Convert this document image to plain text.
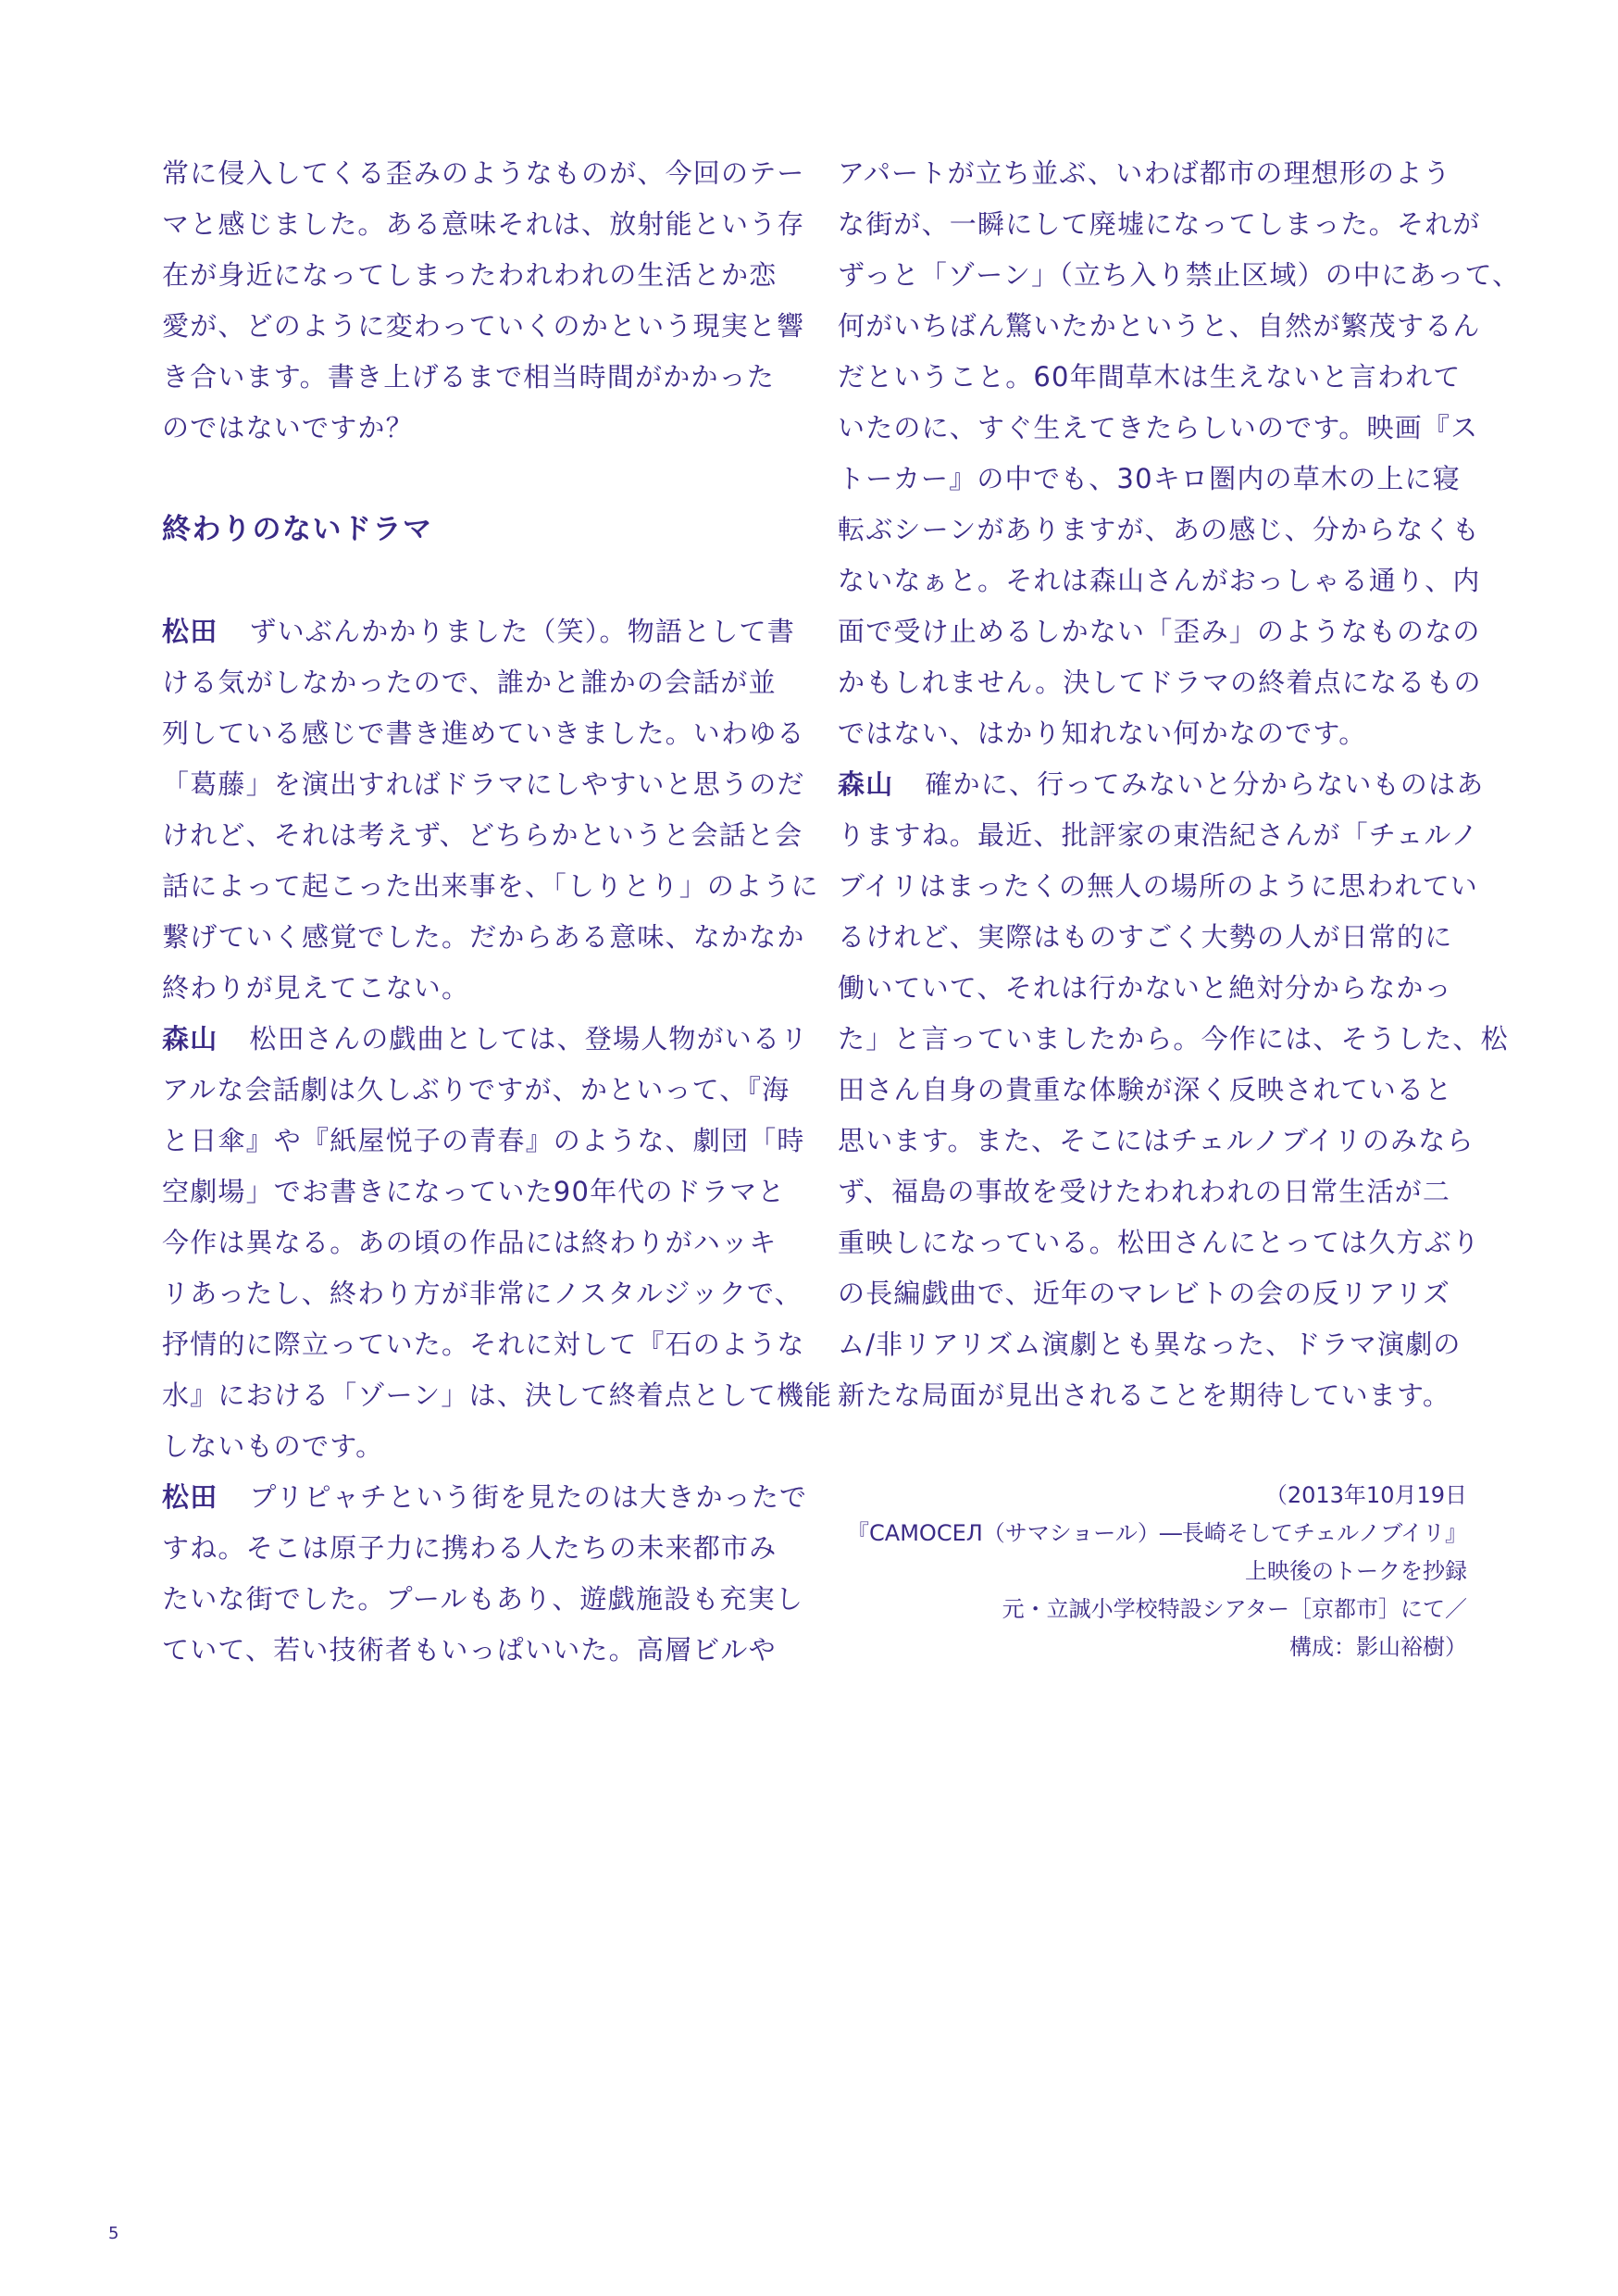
常に侵入してくる歪みのようなものが、今回のテー
マと感じました。ある意味それは、放射能という存
在が身近になってしまったわれわれの生活とか恋
愛が、どのように変わっていくのかという現実と響
き合います。書き上げるまで相当時間がかかった
のではないですか？
終わりのないドラマ
松田 ずいぶんかかりました（笑）。物語として書
ける気がしなかったので、誰かと誰かの会話が並
列している感じで書き進めていきました。いわゆる
「葛藤」を演出すればドラマにしやすいと思うのだ
けれど、それは考えず、どちらかというと会話と会
話によって起こった出来事を、「しりとり」のように
繋げていく感覚でした。だからある意味、なかなか
終わりが見えてこない。
森山 松田さんの戯曲としては、登場人物がいるリ
アルな会話劇は久しぶりですが、かといって、『海
と日傘』や『紙屋悦子の青春』のような、劇団「時
空劇場」でお書きになっていた90年代のドラマと
今作は異なる。あの頃の作品には終わりがハッキ
リあったし、終わり方が非常にノスタルジックで、
抒情的に際立っていた。それに対して『石のような
水』における「ゾーン」は、決して終着点として機能
しないものです。
松田 プリピャチという街を見たのは大きかったで
すね。そこは原子力に携わる人たちの未来都市み
たいな街でした。プールもあり、遊戯施設も充実し
ていて、若い技術者もいっぱいいた。高層ビルや
アパートが立ち並ぶ、いわば都市の理想形のよう
な街が、一瞬にして廃墟になってしまった。それが
ずっと「ゾーン」（立ち入り禁止区域）の中にあって、
何がいちばん驚いたかというと、自然が繁茂するん
だということ。60年間草木は生えないと言われて
いたのに、すぐ生えてきたらしいのです。映画『ス
トーカー』の中でも、30キロ圏内の草木の上に寝
転ぶシーンがありますが、あの感じ、分からなくも
ないなぁと。それは森山さんがおっしゃる通り、内
面で受け止めるしかない「歪み」のようなものなの
かもしれません。決してドラマの終着点になるもの
ではない、はかり知れない何かなのです。
森山 確かに、行ってみないと分からないものはあ
りますね。最近、批評家の東浩紀さんが「チェルノ
ブイリはまったくの無人の場所のように思われてい
るけれど、実際はものすごく大勢の人が日常的に
働いていて、それは行かないと絶対分からなかっ
た」と言っていましたから。今作には、そうした、松
田さん自身の貴重な体験が深く反映されていると
思います。また、そこにはチェルノブイリのみなら
ず、福島の事故を受けたわれわれの日常生活が二
重映しになっている。松田さんにとっては久方ぶり
の長編戯曲で、近年のマレビトの会の反リアリズ
ム/非リアリズム演劇とも異なった、ドラマ演劇の
新たな局面が見出されることを期待しています。
（2013年10月19日
『CAMOCEЛ（サマショール）―長崎そしてチェルノブイリ』
上映後のトークを抄録
元・立誠小学校特設シアター［京都市］にて／
構成：影山裕樹）
5
